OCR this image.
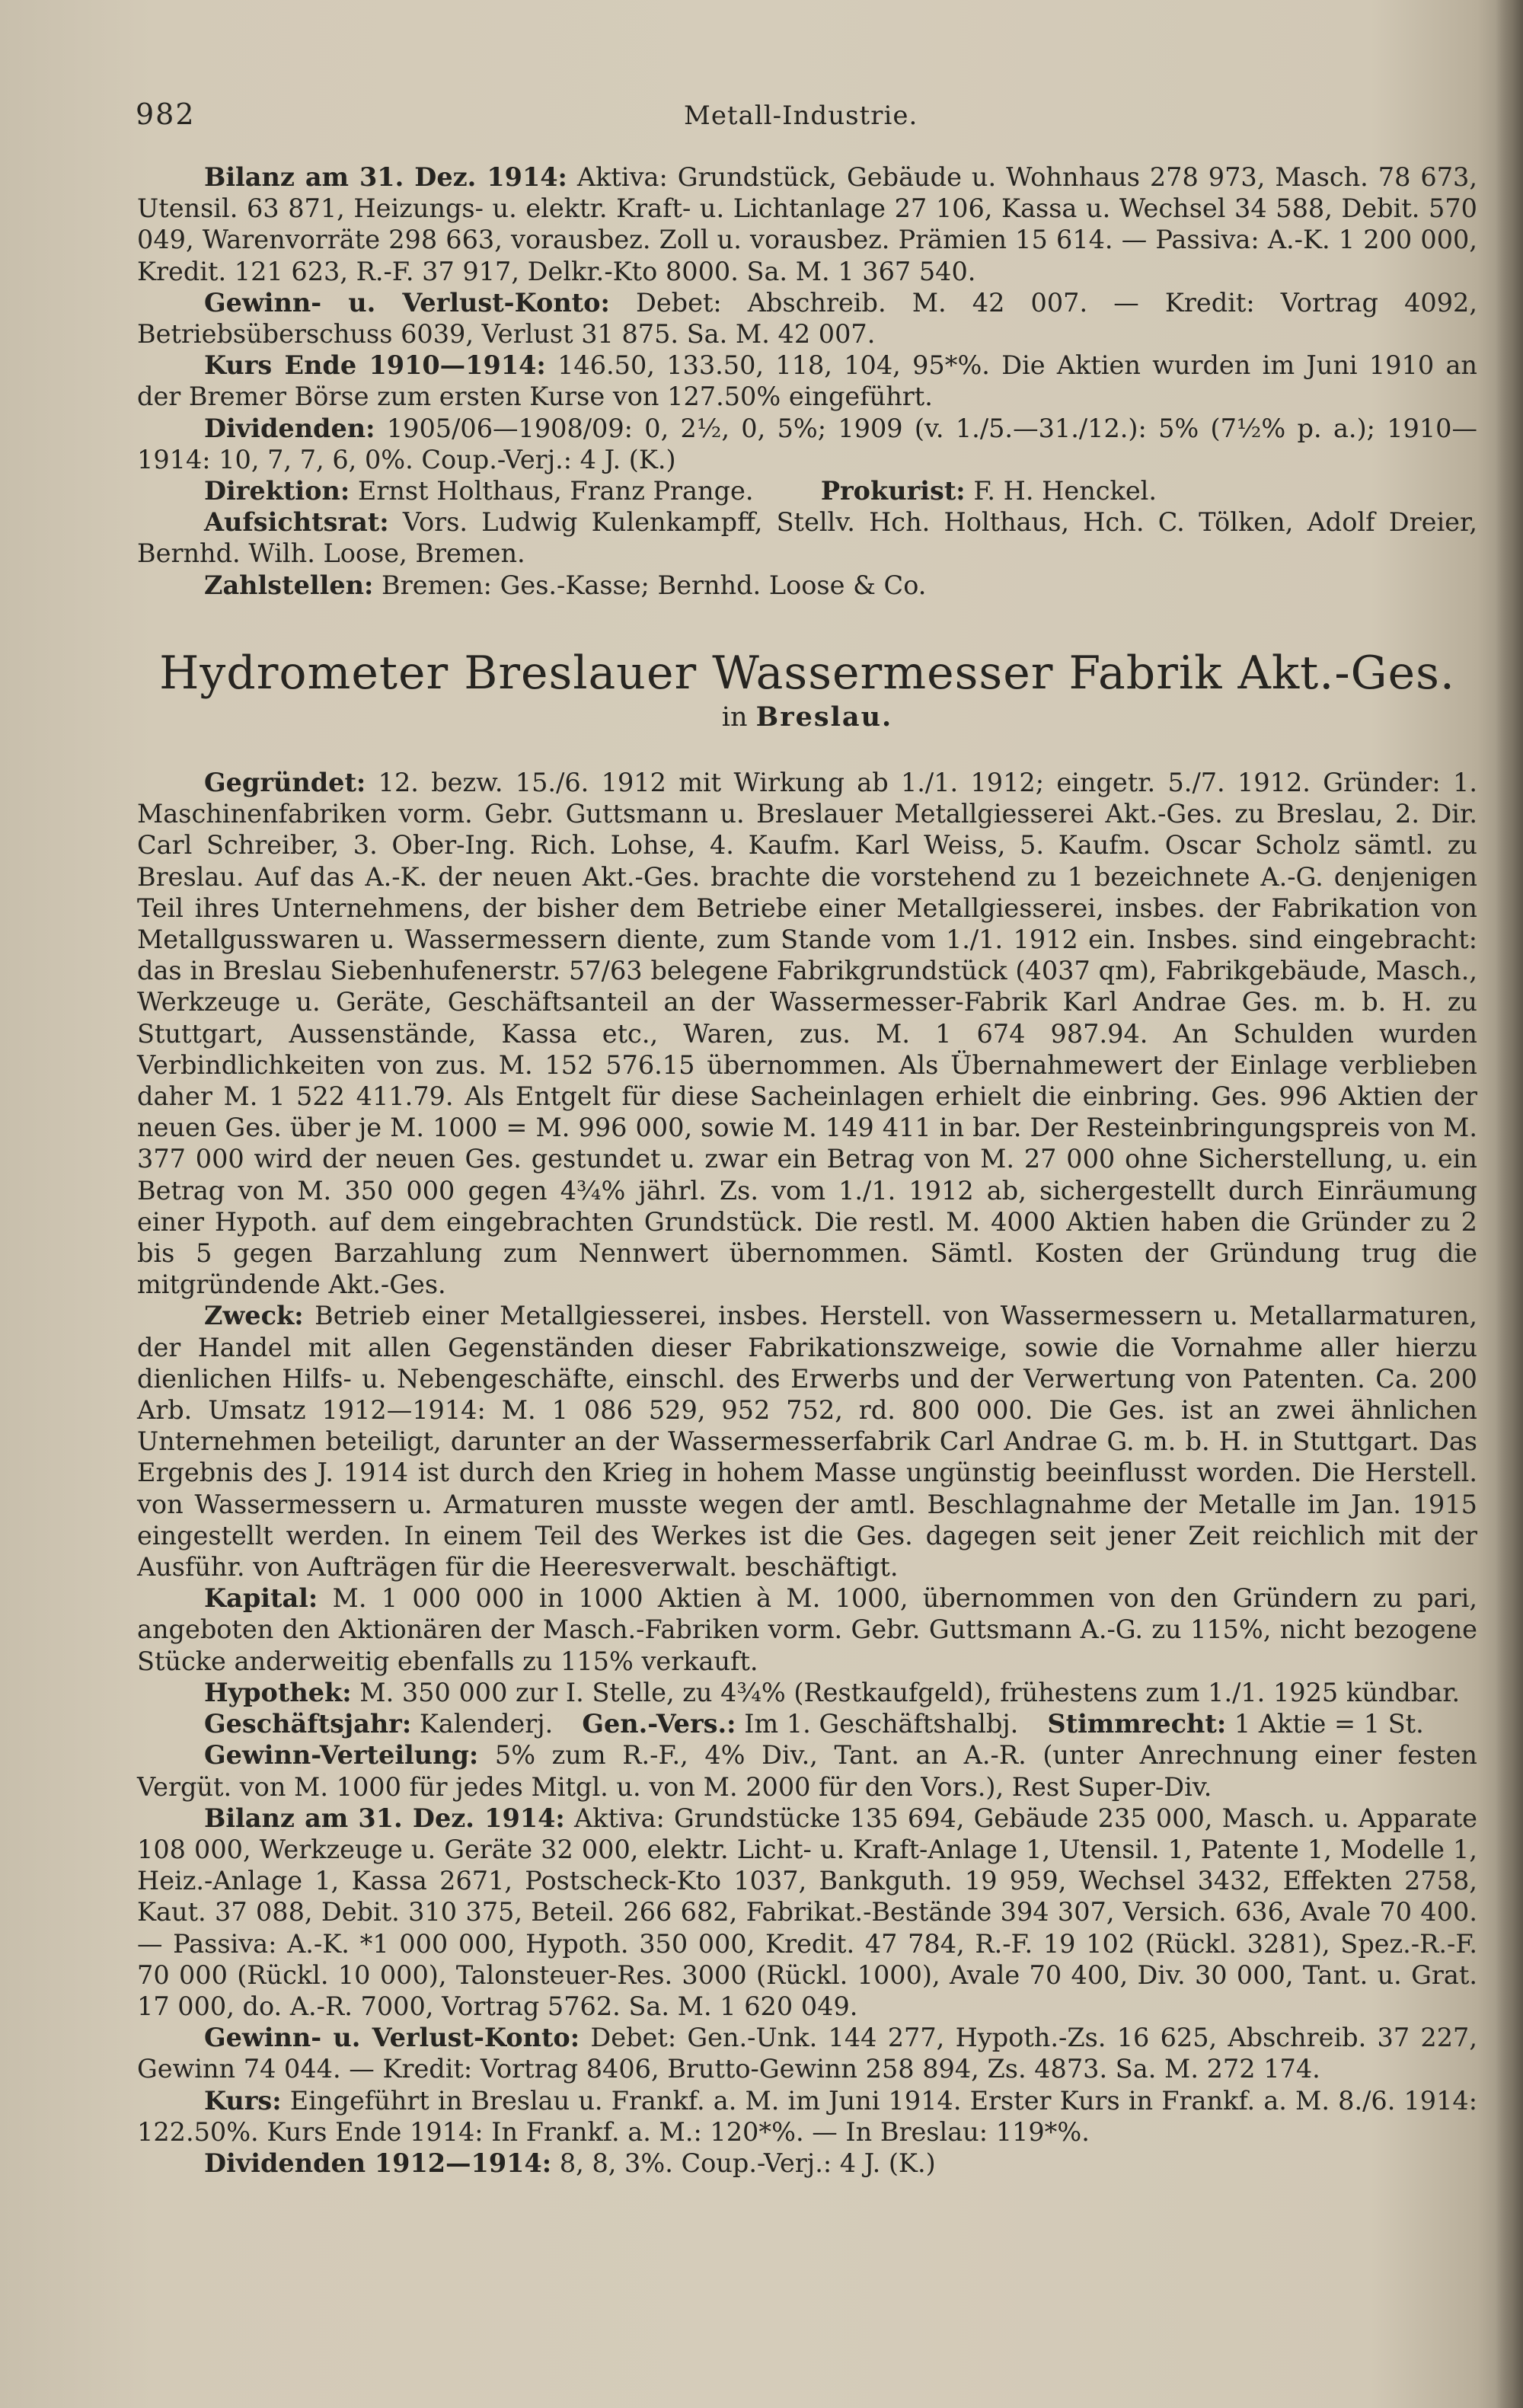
982	Metall-Industrie.

Bilanz am 31. Dez. 1914: Aktiva: Grundstück, Gebäude u. Wohnhaus 278 973, Masch. 78 673, Utensil. 63 871, Heizungs- u. elektr. Kraft- u. Lichtanlage 27 106, Kassa u. Wechsel 34 588, Debit. 570 049, Warenvorräte 298 663, vorausbez. Zoll u. vorausbez. Prämien 15 614. — Passiva: A.-K. 1 200 000, Kredit. 121 623, R.-F. 37 917, Delkr.-Kto 8000. Sa. M. 1 367 540.

Gewinn- u. Verlust-Konto: Debet: Abschreib. M. 42 007. — Kredit: Vortrag 4092, Betriebsüberschuss 6039, Verlust 31 875. Sa. M. 42 007.

Kurs Ende 1910—1914: 146.50, 133.50, 118, 104, 95*%. Die Aktien wurden im Juni 1910 an der Bremer Börse zum ersten Kurse von 127.50% eingeführt.

Dividenden: 1905/06—1908/09: 0, 2½, 0, 5%; 1909 (v. 1./5.—31./12.): 5% (7½% p. a.); 1910—1914: 10, 7, 7, 6, 0%. Coup.-Verj.: 4 J. (K.)

Direktion: Ernst Holthaus, Franz Prange.   	Prokurist: F. H. Henckel.

Aufsichtsrat: Vors. Ludwig Kulenkampff, Stellv. Hch. Holthaus, Hch. C. Tölken, Adolf Dreier, Bernhd. Wilh. Loose, Bremen.

Zahlstellen: Bremen: Ges.-Kasse; Bernhd. Loose & Co.

Hydrometer Breslauer Wassermesser Fabrik Akt.-Ges.
in Breslau.

Gegründet: 12. bezw. 15./6. 1912 mit Wirkung ab 1./1. 1912; eingetr. 5./7. 1912. Gründer: 1. Maschinenfabriken vorm. Gebr. Guttsmann u. Breslauer Metallgiesserei Akt.-Ges. zu Breslau, 2. Dir. Carl Schreiber, 3. Ober-Ing. Rich. Lohse, 4. Kaufm. Karl Weiss, 5. Kaufm. Oscar Scholz sämtl. zu Breslau. Auf das A.-K. der neuen Akt.-Ges. brachte die vorstehend zu 1 bezeichnete A.-G. denjenigen Teil ihres Unternehmens, der bisher dem Betriebe einer Metallgiesserei, insbes. der Fabrikation von Metallgusswaren u. Wassermessern diente, zum Stande vom 1./1. 1912 ein. Insbes. sind eingebracht: das in Breslau Siebenhufenerstr. 57/63 belegene Fabrikgrundstück (4037 qm), Fabrikgebäude, Masch., Werkzeuge u. Geräte, Geschäftsanteil an der Wassermesser-Fabrik Karl Andrae Ges. m. b. H. zu Stuttgart, Aussenstände, Kassa etc., Waren, zus. M. 1 674 987.94. An Schulden wurden Verbindlichkeiten von zus. M. 152 576.15 übernommen. Als Übernahmewert der Einlage verblieben daher M. 1 522 411.79. Als Entgelt für diese Sacheinlagen erhielt die einbring. Ges. 996 Aktien der neuen Ges. über je M. 1000 = M. 996 000, sowie M. 149 411 in bar. Der Resteinbringungspreis von M. 377 000 wird der neuen Ges. gestundet u. zwar ein Betrag von M. 27 000 ohne Sicherstellung, u. ein Betrag von M. 350 000 gegen 4¾% jährl. Zs. vom 1./1. 1912 ab, sichergestellt durch Einräumung einer Hypoth. auf dem eingebrachten Grundstück. Die restl. M. 4000 Aktien haben die Gründer zu 2 bis 5 gegen Barzahlung zum Nennwert übernommen. Sämtl. Kosten der Gründung trug die mitgründende Akt.-Ges.

Zweck: Betrieb einer Metallgiesserei, insbes. Herstell. von Wassermessern u. Metallarmaturen, der Handel mit allen Gegenständen dieser Fabrikationszweige, sowie die Vornahme aller hierzu dienlichen Hilfs- u. Nebengeschäfte, einschl. des Erwerbs und der Verwertung von Patenten. Ca. 200 Arb. Umsatz 1912—1914: M. 1 086 529, 952 752, rd. 800 000. Die Ges. ist an zwei ähnlichen Unternehmen beteiligt, darunter an der Wassermesserfabrik Carl Andrae G. m. b. H. in Stuttgart. Das Ergebnis des J. 1914 ist durch den Krieg in hohem Masse ungünstig beeinflusst worden. Die Herstell. von Wassermessern u. Armaturen musste wegen der amtl. Beschlagnahme der Metalle im Jan. 1915 eingestellt werden. In einem Teil des Werkes ist die Ges. dagegen seit jener Zeit reichlich mit der Ausführ. von Aufträgen für die Heeresverwalt. beschäftigt.

Kapital: M. 1 000 000 in 1000 Aktien à M. 1000, übernommen von den Gründern zu pari, angeboten den Aktionären der Masch.-Fabriken vorm. Gebr. Guttsmann A.-G. zu 115%, nicht bezogene Stücke anderweitig ebenfalls zu 115% verkauft.

Hypothek: M. 350 000 zur I. Stelle, zu 4¾% (Restkaufgeld), frühestens zum 1./1. 1925 kündbar.

Geschäftsjahr: Kalenderj.   Gen.-Vers.: Im 1. Geschäftshalbj.   Stimmrecht: 1 Aktie = 1 St.

Gewinn-Verteilung: 5% zum R.-F., 4% Div., Tant. an A.-R. (unter Anrechnung einer festen Vergüt. von M. 1000 für jedes Mitgl. u. von M. 2000 für den Vors.), Rest Super-Div.

Bilanz am 31. Dez. 1914: Aktiva: Grundstücke 135 694, Gebäude 235 000, Masch. u. Apparate 108 000, Werkzeuge u. Geräte 32 000, elektr. Licht- u. Kraft-Anlage 1, Utensil. 1, Patente 1, Modelle 1, Heiz.-Anlage 1, Kassa 2671, Postscheck-Kto 1037, Bankguth. 19 959, Wechsel 3432, Effekten 2758, Kaut. 37 088, Debit. 310 375, Beteil. 266 682, Fabrikat.-Bestände 394 307, Versich. 636, Avale 70 400. — Passiva: A.-K. *1 000 000, Hypoth. 350 000, Kredit. 47 784, R.-F. 19 102 (Rückl. 3281), Spez.-R.-F. 70 000 (Rückl. 10 000), Talonsteuer-Res. 3000 (Rückl. 1000), Avale 70 400, Div. 30 000, Tant. u. Grat. 17 000, do. A.-R. 7000, Vortrag 5762. Sa. M. 1 620 049.

Gewinn- u. Verlust-Konto: Debet: Gen.-Unk. 144 277, Hypoth.-Zs. 16 625, Abschreib. 37 227, Gewinn 74 044. — Kredit: Vortrag 8406, Brutto-Gewinn 258 894, Zs. 4873. Sa. M. 272 174.

Kurs: Eingeführt in Breslau u. Frankf. a. M. im Juni 1914. Erster Kurs in Frankf. a. M. 8./6. 1914: 122.50%. Kurs Ende 1914: In Frankf. a. M.: 120*%. — In Breslau: 119*%.

Dividenden 1912—1914: 8, 8, 3%. Coup.-Verj.: 4 J. (K.)
